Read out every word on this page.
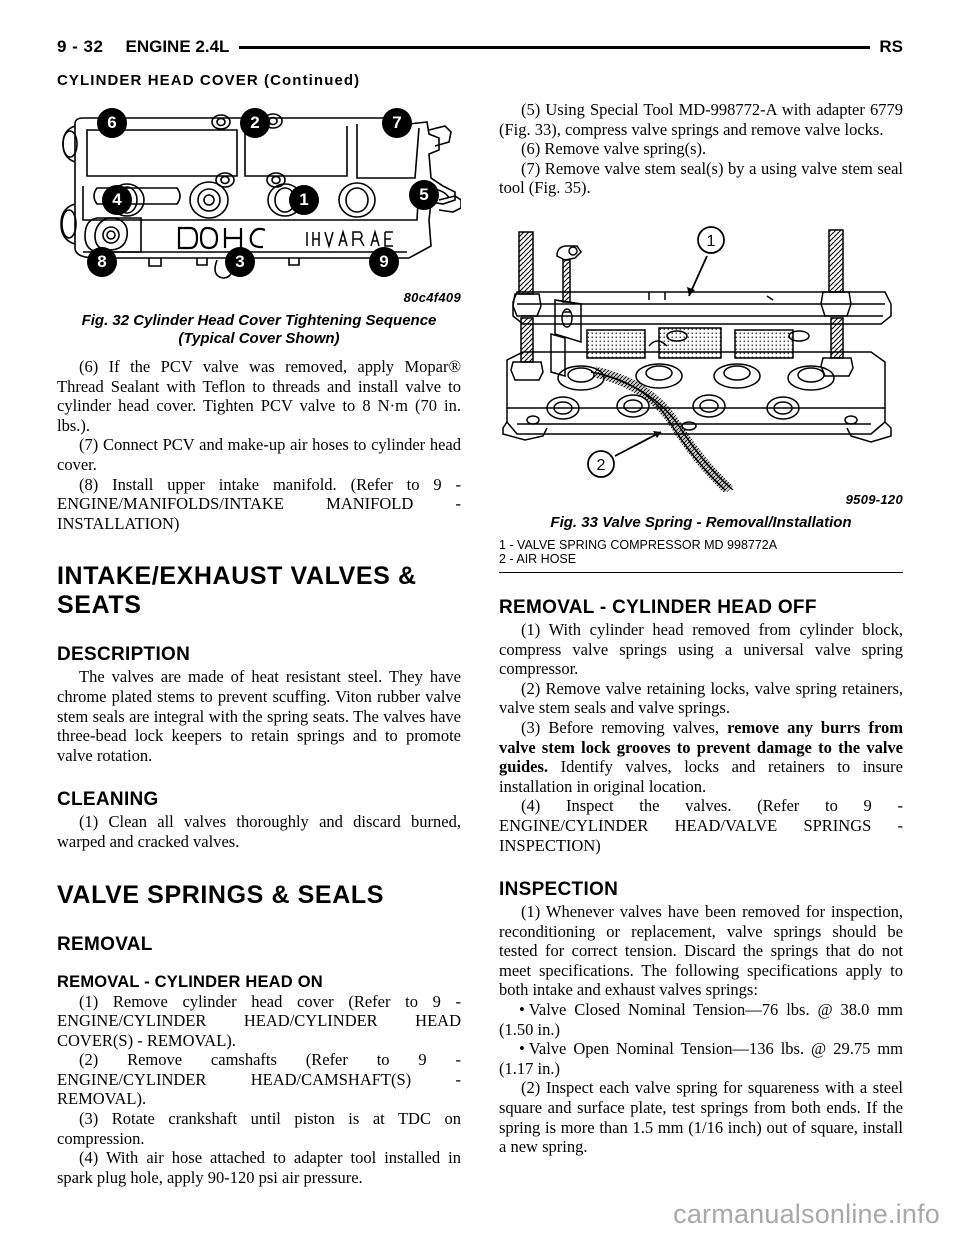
9 - 32 ENGINE 2.4L	RS
CYLINDER HEAD COVER (Continued)
6	2	7
4	1	5
8	3	9
80c4f409
Fig. 32 Cylinder Head Cover Tightening Sequence
(Typical Cover Shown)

(6) If the PCV valve was removed, apply Mopar® Thread Sealant with Teflon to threads and install valve to cylinder head cover. Tighten PCV valve to 8 N·m (70 in. lbs.).

(7) Connect PCV and make-up air hoses to cylinder head cover.

(8) Install upper intake manifold. (Refer to 9 - ENGINE/MANIFOLDS/INTAKE MANIFOLD - INSTALLATION)

INTAKE/EXHAUST VALVES & SEATS
DESCRIPTION

The valves are made of heat resistant steel. They have chrome plated stems to prevent scuffing. Viton rubber valve stem seals are integral with the spring seats. The valves have three-bead lock keepers to retain springs and to promote valve rotation.

CLEANING

(1) Clean all valves thoroughly and discard burned, warped and cracked valves.

VALVE SPRINGS & SEALS
REMOVAL
REMOVAL - CYLINDER HEAD ON

(1) Remove cylinder head cover (Refer to 9 - ENGINE/CYLINDER HEAD/CYLINDER HEAD COVER(S) - REMOVAL).

(2) Remove camshafts (Refer to 9 - ENGINE/CYLINDER HEAD/CAMSHAFT(S) - REMOVAL).

(3) Rotate crankshaft until piston is at TDC on compression.

(4) With air hose attached to adapter tool installed in spark plug hole, apply 90-120 psi air pressure.

(5) Using Special Tool MD-998772-A with adapter 6779 (Fig. 33), compress valve springs and remove valve locks.

(6) Remove valve spring(s).

(7) Remove valve stem seal(s) by a using valve stem seal tool (Fig. 35).

1
2
9509-120
Fig. 33 Valve Spring - Removal/Installation
1 - VALVE SPRING COMPRESSOR MD 998772A
2 - AIR HOSE
REMOVAL - CYLINDER HEAD OFF

(1) With cylinder head removed from cylinder block, compress valve springs using a universal valve spring compressor.

(2) Remove valve retaining locks, valve spring retainers, valve stem seals and valve springs.

(3) Before removing valves, remove any burrs from valve stem lock grooves to prevent damage to the valve guides. Identify valves, locks and retainers to insure installation in original location.

(4) Inspect the valves. (Refer to 9 - ENGINE/CYLINDER HEAD/VALVE SPRINGS - INSPECTION)

INSPECTION

(1) Whenever valves have been removed for inspection, reconditioning or replacement, valve springs should be tested for correct tension. Discard the springs that do not meet specifications. The following specifications apply to both intake and exhaust valves springs:

•Valve Closed Nominal Tension—76 lbs. @ 38.0 mm (1.50 in.)

•Valve Open Nominal Tension—136 lbs. @ 29.75 mm (1.17 in.)

(2) Inspect each valve spring for squareness with a steel square and surface plate, test springs from both ends. If the spring is more than 1.5 mm (1/16 inch) out of square, install a new spring.

carmanualsonline.info
